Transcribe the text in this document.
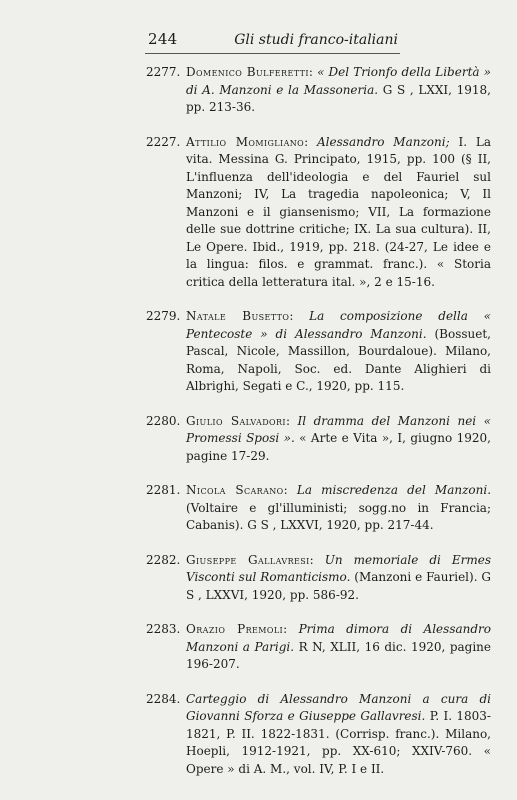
244	Gli studi franco-italiani
2277. Domenico Bulferetti: « Del Trionfo della Libertà » di A. Manzoni e la Massoneria. G S , LXXI, 1918, pp. 213-36.
2227. Attilio Momigliano: Alessandro Manzoni; I. La vita. Messina G. Principato, 1915, pp. 100 (§ II, L'influenza dell'ideologia e del Fauriel sul Manzoni; IV, La tragedia napoleonica; V, Il Manzoni e il giansenismo; VII, La formazione delle sue dottrine critiche; IX. La sua cultura). II, Le Opere. Ibid., 1919, pp. 218. (24-27, Le idee e la lingua: filos. e grammat. franc.). « Storia critica della letteratura ital. », 2 e 15-16.
2279. Natale Busetto: La composizione della « Pentecoste » di Alessandro Manzoni. (Bossuet, Pascal, Nicole, Massillon, Bourdaloue). Milano, Roma, Napoli, Soc. ed. Dante Alighieri di Albrighi, Segati e C., 1920, pp. 115.
2280. Giulio Salvadori: Il dramma del Manzoni nei « Promessi Sposi ». « Arte e Vita », I, giugno 1920, pagine 17-29.
2281. Nicola Scarano: La miscredenza del Manzoni. (Voltaire e gl'illuministi; sogg.no in Francia; Cabanis). G S , LXXVI, 1920, pp. 217-44.
2282. Giuseppe Gallavresi: Un memoriale di Ermes Visconti sul Romanticismo. (Manzoni e Fauriel). G S , LXXVI, 1920, pp. 586-92.
2283. Orazio Premoli: Prima dimora di Alessandro Manzoni a Parigi. R N, XLII, 16 dic. 1920, pagine 196-207.
2284. Carteggio di Alessandro Manzoni a cura di Giovanni Sforza e Giuseppe Gallavresi. P. I. 1803-1821, P. II. 1822-1831. (Corrisp. franc.). Milano, Hoepli, 1912-1921, pp. XX-610; XXIV-760. « Opere » di A. M., vol. IV, P. I e II.
